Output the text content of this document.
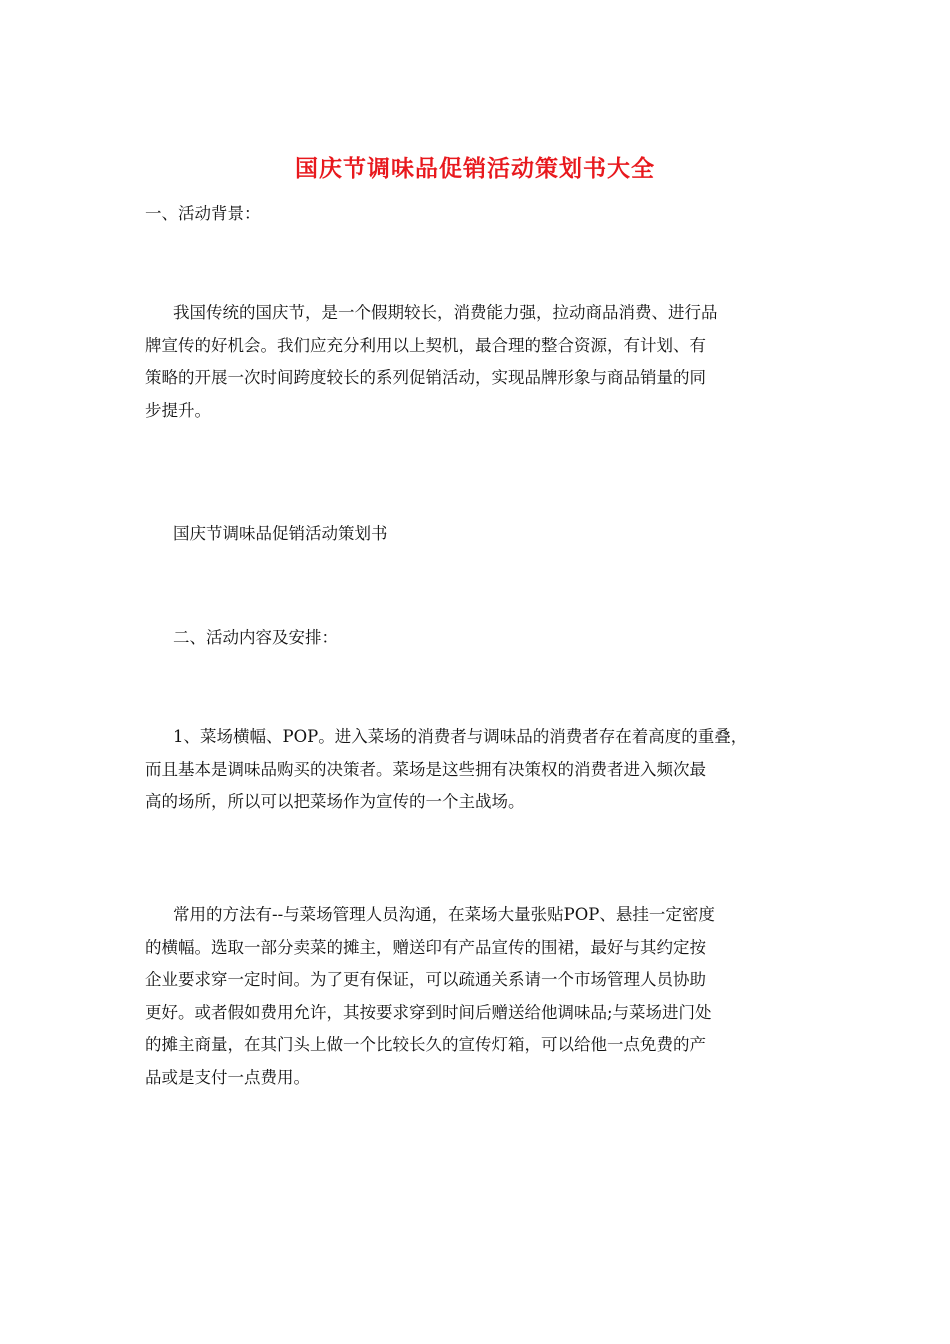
国庆节调味品促销活动策划书大全
一、活动背景：
我国传统的国庆节，是一个假期较长，消费能力强，拉动商品消费、进行品
牌宣传的好机会。我们应充分利用以上契机，最合理的整合资源，有计划、有
策略的开展一次时间跨度较长的系列促销活动，实现品牌形象与商品销量的同
步提升。
国庆节调味品促销活动策划书
二、活动内容及安排：
1、菜场横幅、POP。进入菜场的消费者与调味品的消费者存在着高度的重叠，
而且基本是调味品购买的决策者。菜场是这些拥有决策权的消费者进入频次最
高的场所，所以可以把菜场作为宣传的一个主战场。
常用的方法有--与菜场管理人员沟通，在菜场大量张贴POP、悬挂一定密度
的横幅。选取一部分卖菜的摊主，赠送印有产品宣传的围裙，最好与其约定按
企业要求穿一定时间。为了更有保证，可以疏通关系请一个市场管理人员协助
更好。或者假如费用允许，其按要求穿到时间后赠送给他调味品;与菜场进门处
的摊主商量，在其门头上做一个比较长久的宣传灯箱，可以给他一点免费的产
品或是支付一点费用。
